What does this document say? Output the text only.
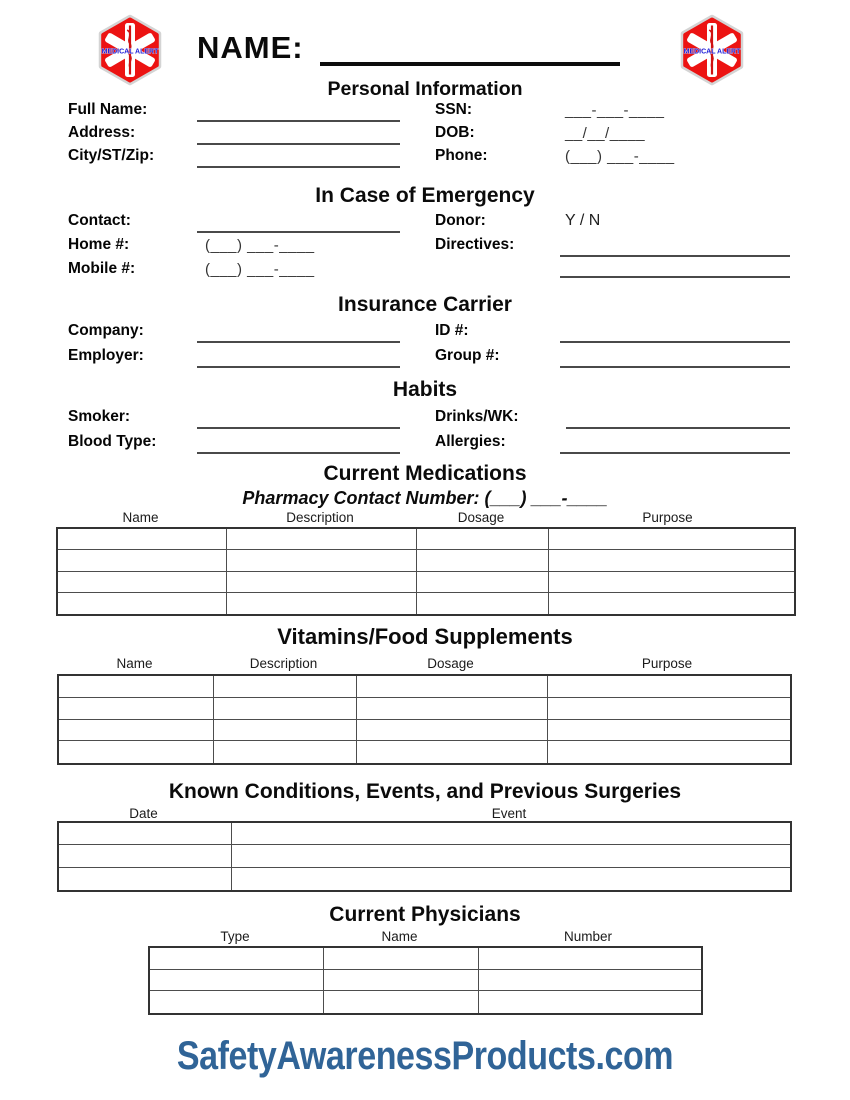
NAME:
Personal Information
Full Name:	SSN:	___-___-____
Address:	DOB:	__/__/____
City/ST/Zip:	Phone:	(___) ___-____
In Case of Emergency
Contact:	Donor:	Y / N
Home #:	(___) ___-____	Directives:
Mobile #:	(___) ___-____
Insurance Carrier
Company:	ID #:
Employer:	Group #:
Habits
Smoker:	Drinks/WK:
Blood Type:	Allergies:
Current Medications
Pharmacy Contact Number: (___) ___-____
Name	Description	Dosage	Purpose
Vitamins/Food Supplements
Name	Description	Dosage	Purpose
Known Conditions, Events, and Previous Surgeries
Date	Event
Current Physicians
Type	Name	Number
SafetyAwarenessProducts.com
